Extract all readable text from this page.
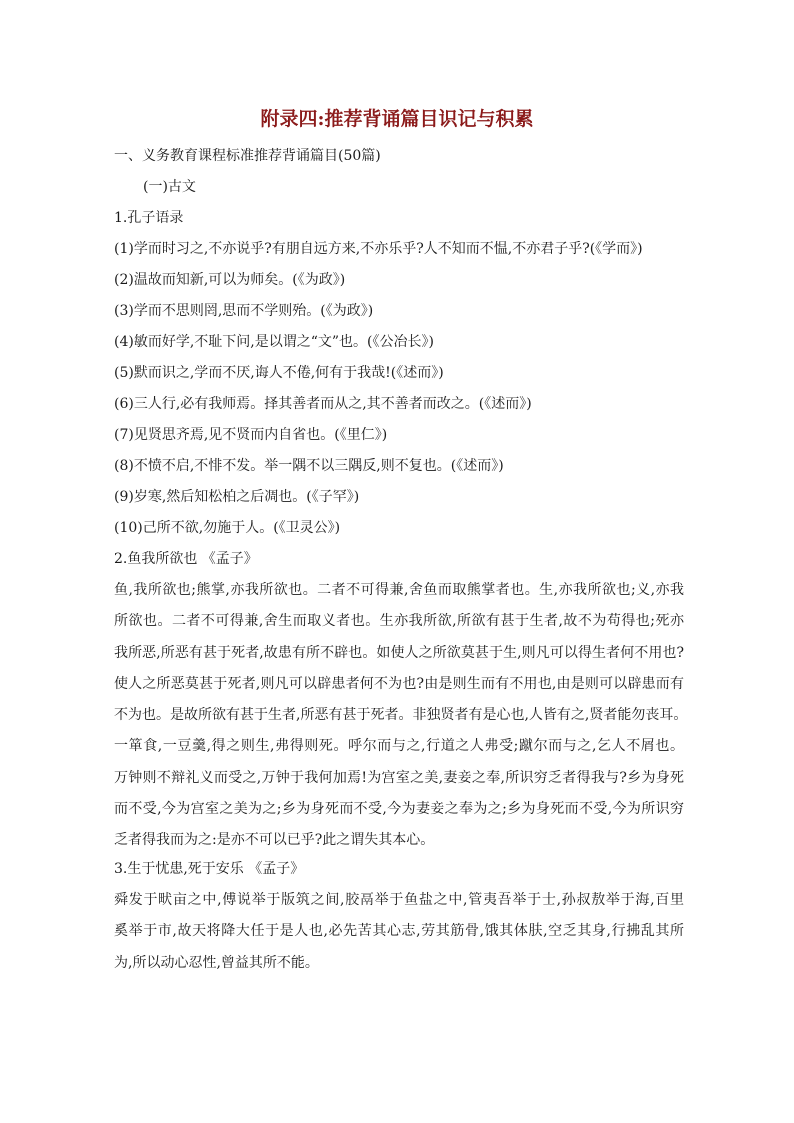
附录四:推荐背诵篇目识记与积累
一、义务教育课程标准推荐背诵篇目(50篇)
(一)古文
1.孔子语录
(1)学而时习之,不亦说乎?有朋自远方来,不亦乐乎?人不知而不愠,不亦君子乎?(《学而》)
(2)温故而知新,可以为师矣。(《为政》)
(3)学而不思则罔,思而不学则殆。(《为政》)
(4)敏而好学,不耻下问,是以谓之“文”也。(《公冶长》)
(5)默而识之,学而不厌,诲人不倦,何有于我哉!(《述而》)
(6)三人行,必有我师焉。择其善者而从之,其不善者而改之。(《述而》)
(7)见贤思齐焉,见不贤而内自省也。(《里仁》)
(8)不愤不启,不悱不发。举一隅不以三隅反,则不复也。(《述而》)
(9)岁寒,然后知松柏之后凋也。(《子罕》)
(10)己所不欲,勿施于人。(《卫灵公》)
2.鱼我所欲也 《孟子》
鱼,我所欲也;熊掌,亦我所欲也。二者不可得兼,舍鱼而取熊掌者也。生,亦我所欲也;义,亦我
所欲也。二者不可得兼,舍生而取义者也。生亦我所欲,所欲有甚于生者,故不为苟得也;死亦
我所恶,所恶有甚于死者,故患有所不辟也。如使人之所欲莫甚于生,则凡可以得生者何不用也?
使人之所恶莫甚于死者,则凡可以辟患者何不为也?由是则生而有不用也,由是则可以辟患而有
不为也。是故所欲有甚于生者,所恶有甚于死者。非独贤者有是心也,人皆有之,贤者能勿丧耳。
一箪食,一豆羹,得之则生,弗得则死。呼尔而与之,行道之人弗受;蹴尔而与之,乞人不屑也。
万钟则不辩礼义而受之,万钟于我何加焉!为宫室之美,妻妾之奉,所识穷乏者得我与?乡为身死
而不受,今为宫室之美为之;乡为身死而不受,今为妻妾之奉为之;乡为身死而不受,今为所识穷
乏者得我而为之:是亦不可以已乎?此之谓失其本心。
3.生于忧患,死于安乐 《孟子》
舜发于畎亩之中,傅说举于版筑之间,胶鬲举于鱼盐之中,管夷吾举于士,孙叔敖举于海,百里
奚举于市,故天将降大任于是人也,必先苦其心志,劳其筋骨,饿其体肤,空乏其身,行拂乱其所
为,所以动心忍性,曾益其所不能。
